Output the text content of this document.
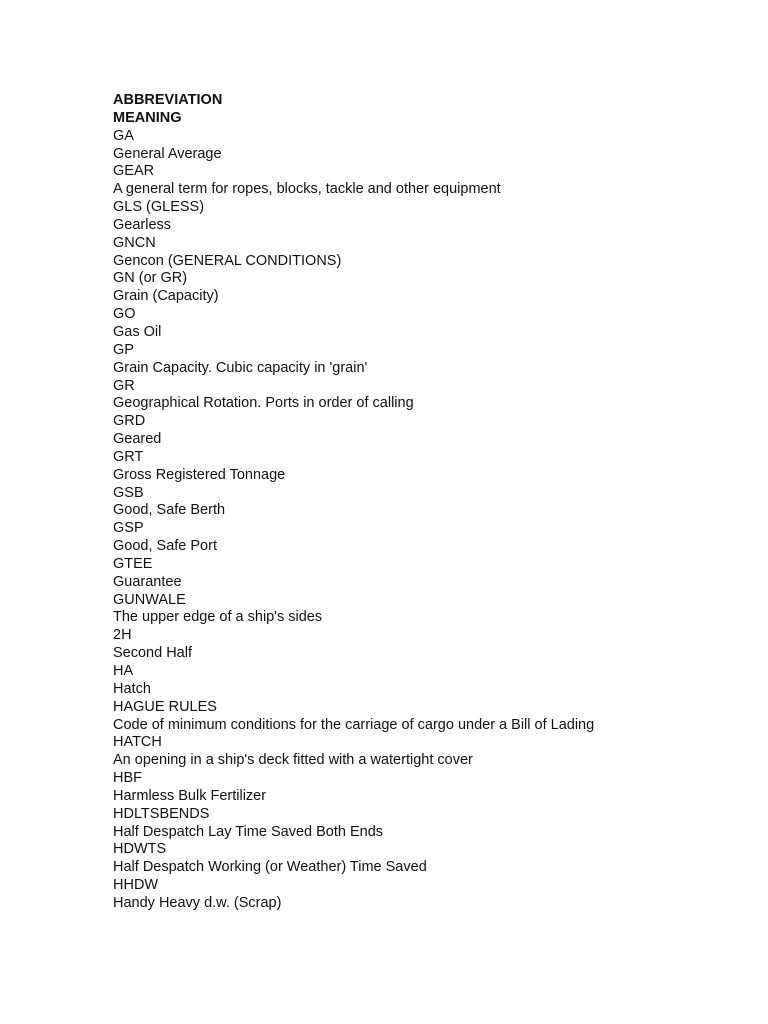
ABBREVIATION
MEANING
GA
General Average
GEAR
A general term for ropes, blocks, tackle and other equipment
GLS (GLESS)
Gearless
GNCN
Gencon (GENERAL CONDITIONS)
GN (or GR)
Grain (Capacity)
GO
Gas Oil
GP
Grain Capacity. Cubic capacity in 'grain'
GR
Geographical Rotation. Ports in order of calling
GRD
Geared
GRT
Gross Registered Tonnage
GSB
Good, Safe Berth
GSP
Good, Safe Port
GTEE
Guarantee
GUNWALE
The upper edge of a ship's sides
2H
Second Half
HA
Hatch
HAGUE RULES
Code of minimum conditions for the carriage of cargo under a Bill of Lading
HATCH
An opening in a ship's deck fitted with a watertight cover
HBF
Harmless Bulk Fertilizer
HDLTSBENDS
Half Despatch Lay Time Saved Both Ends
HDWTS
Half Despatch Working (or Weather) Time Saved
HHDW
Handy Heavy d.w. (Scrap)
